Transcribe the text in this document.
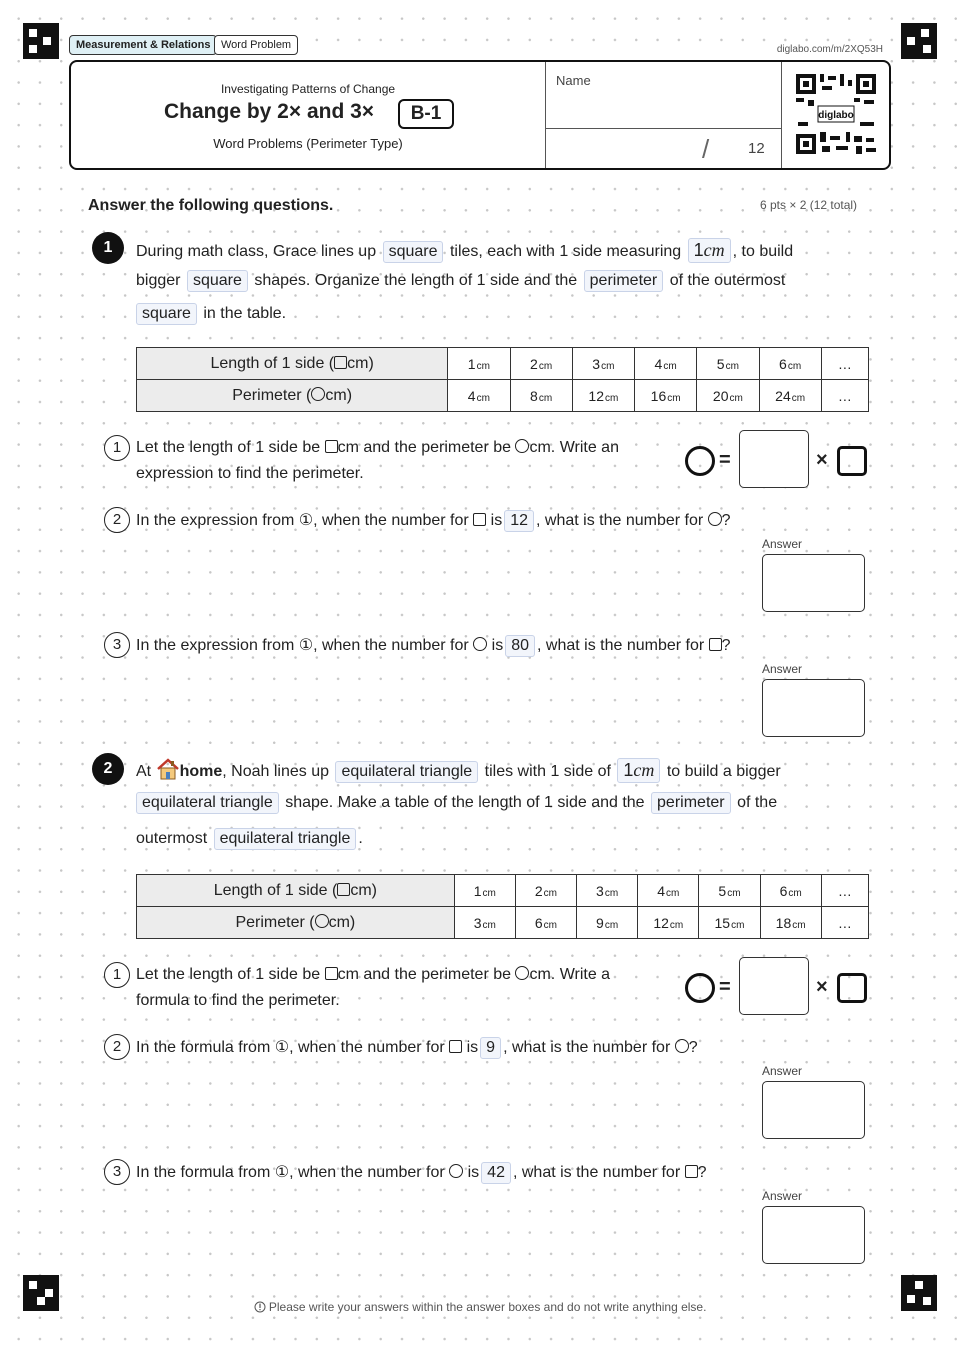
Measurement & Relations Word Problem	diglabo.com/m/2XQ53H
Investigating Patterns of Change
Change by 2× and 3×	B-1
Word Problems (Perimeter Type)
Name
/	12
diglabo
Answer the following questions.	6 pts × 2 (12 total)
1	During math class, Grace lines up square tiles, each with 1 side measuring 1cm , to build
bigger square shapes. Organize the length of 1 side and the perimeter of the outermost
square in the table.
Length of 1 side ( cm)	1cm	2cm	3cm	4cm	5cm	6cm	…
Perimeter ( cm)	4cm	8cm	12cm	16cm	20cm	24cm	…
1 Let the length of 1 side be cm and the perimeter be cm. Write an
expression to find the perimeter.
=	×
2 In the expression from ①, when the number for is 12 , what is the number for ?
Answer
3 In the expression from ①, when the number for is 80 , what is the number for ?
Answer
2	At home, Noah lines up equilateral triangle tiles with 1 side of 1cm to build a bigger
equilateral triangle shape. Make a table of the length of 1 side and the perimeter of the
outermost equilateral triangle .
Length of 1 side ( cm)	1cm	2cm	3cm	4cm	5cm	6cm	…
Perimeter ( cm)	3cm	6cm	9cm	12cm	15cm	18cm	…
1 Let the length of 1 side be cm and the perimeter be cm. Write a
formula to find the perimeter.
=	×
2 In the formula from ①, when the number for is 9 , what is the number for ?
Answer
3 In the formula from ①, when the number for is 42 , what is the number for ?
Answer
Please write your answers within the answer boxes and do not write anything else.
